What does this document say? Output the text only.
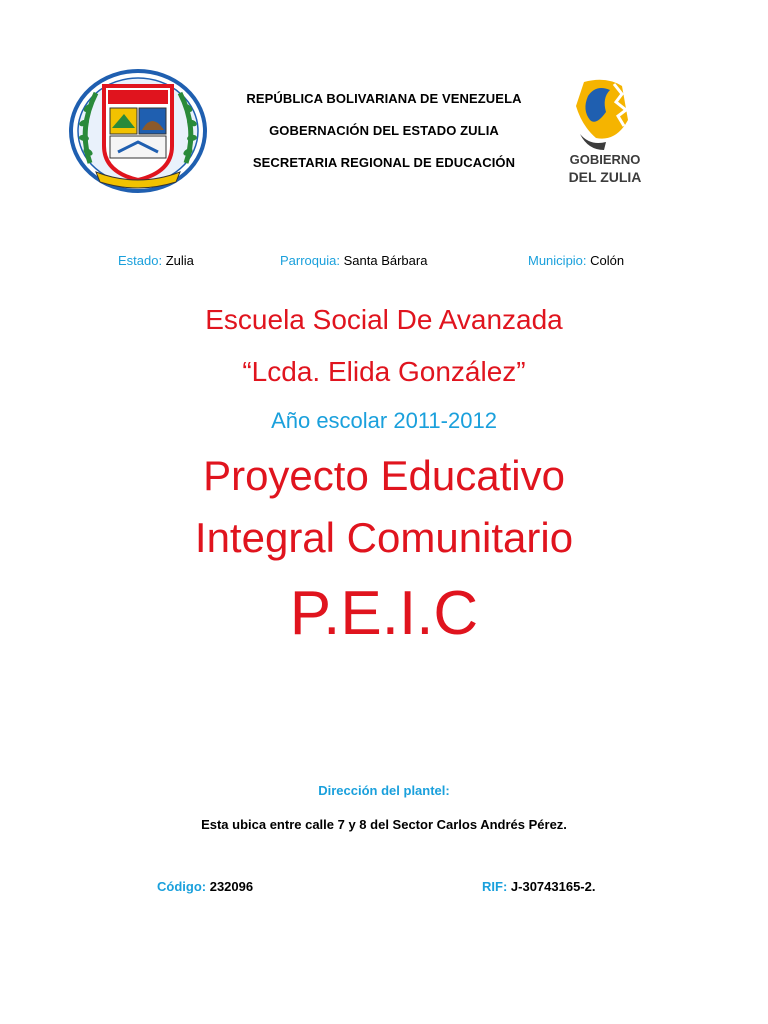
GOBIERNO
DEL ZULIA
REPÚBLICA BOLIVARIANA DE VENEZUELA
GOBERNACIÓN DEL ESTADO ZULIA
SECRETARIA REGIONAL DE EDUCACIÓN
Estado: Zulia	Parroquia: Santa Bárbara	Municipio: Colón
Escuela Social De Avanzada
“Lcda. Elida González”
Año escolar 2011-2012
Proyecto Educativo
Integral Comunitario
P.E.I.C
Dirección del plantel:
Esta ubica entre calle 7 y 8 del Sector Carlos Andrés Pérez.
Código: 232096	RIF: J-30743165-2.
